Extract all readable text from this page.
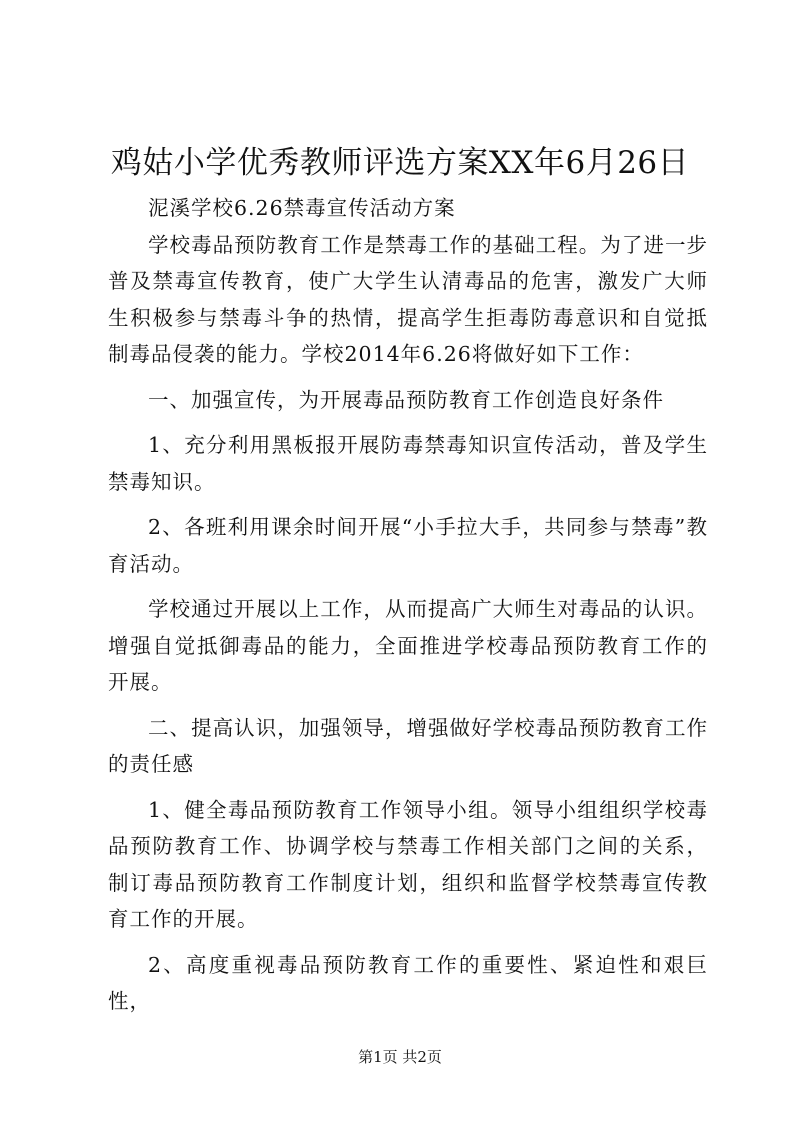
鸡姑小学优秀教师评选方案XX年6月26日

泥溪学校6.26禁毒宣传活动方案

学校毒品预防教育工作是禁毒工作的基础工程。为了进一步普及禁毒宣传教育，使广大学生认清毒品的危害，激发广大师生积极参与禁毒斗争的热情，提高学生拒毒防毒意识和自觉抵制毒品侵袭的能力。学校2014年6.26将做好如下工作：

一、加强宣传，为开展毒品预防教育工作创造良好条件

1、充分利用黑板报开展防毒禁毒知识宣传活动，普及学生禁毒知识。

2、各班利用课余时间开展“小手拉大手，共同参与禁毒”教育活动。

学校通过开展以上工作，从而提高广大师生对毒品的认识。增强自觉抵御毒品的能力，全面推进学校毒品预防教育工作的开展。

二、提高认识，加强领导，增强做好学校毒品预防教育工作的责任感

1、健全毒品预防教育工作领导小组。领导小组组织学校毒品预防教育工作、协调学校与禁毒工作相关部门之间的关系，制订毒品预防教育工作制度计划，组织和监督学校禁毒宣传教育工作的开展。

2、高度重视毒品预防教育工作的重要性、紧迫性和艰巨性，

第1页 共2页
